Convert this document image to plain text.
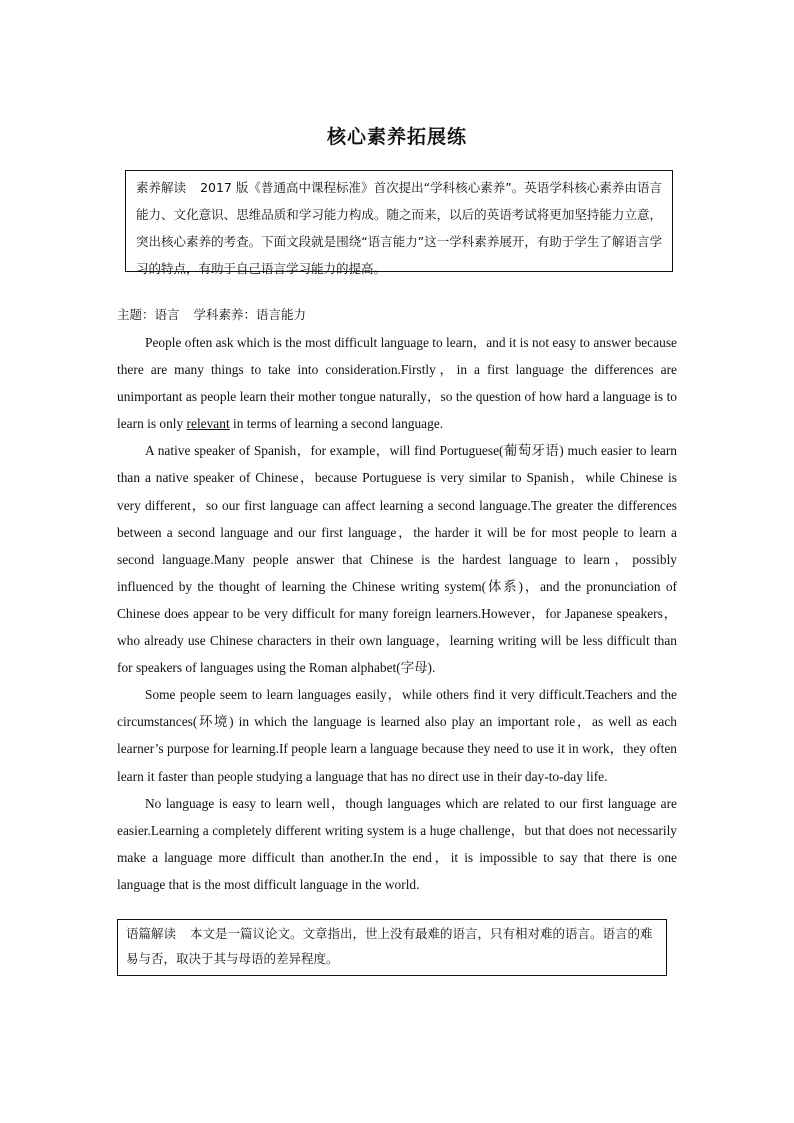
核心素养拓展练
素养解读 2017 版《普通高中课程标准》首次提出“学科核心素养”。英语学科核心素养由语言能力、文化意识、思维品质和学习能力构成。随之而来，以后的英语考试将更加坚持能力立意，突出核心素养的考查。下面文段就是围绕“语言能力”这一学科素养展开，有助于学生了解语言学习的特点，有助于自己语言学习能力的提高。
主题：语言 学科素养：语言能力

People often ask which is the most difficult language to learn，and it is not easy to answer because there are many things to take into consideration.Firstly，in a first language the differences are unimportant as people learn their mother tongue naturally，so the question of how hard a language is to learn is only relevant in terms of learning a second language.

A native speaker of Spanish，for example，will find Portuguese(葡萄牙语) much easier to learn than a native speaker of Chinese，because Portuguese is very similar to Spanish，while Chinese is very different，so our first language can affect learning a second language.The greater the differences between a second language and our first language，the harder it will be for most people to learn a second language.Many people answer that Chinese is the hardest language to learn，possibly influenced by the thought of learning the Chinese writing system(体系)，and the pronunciation of Chinese does appear to be very difficult for many foreign learners.However，for Japanese speakers，who already use Chinese characters in their own language，learning writing will be less difficult than for speakers of languages using the Roman alphabet(字母).

Some people seem to learn languages easily，while others find it very difficult.Teachers and the circumstances(环境) in which the language is learned also play an important role，as well as each learner’s purpose for learning.If people learn a language because they need to use it in work，they often learn it faster than people studying a language that has no direct use in their day-to-day life.

No language is easy to learn well，though languages which are related to our first language are easier.Learning a completely different writing system is a huge challenge，but that does not necessarily make a language more difficult than another.In the end，it is impossible to say that there is one language that is the most difficult language in the world.

语篇解读 本文是一篇议论文。文章指出，世上没有最难的语言，只有相对难的语言。语言的难易与否，取决于其与母语的差异程度。
